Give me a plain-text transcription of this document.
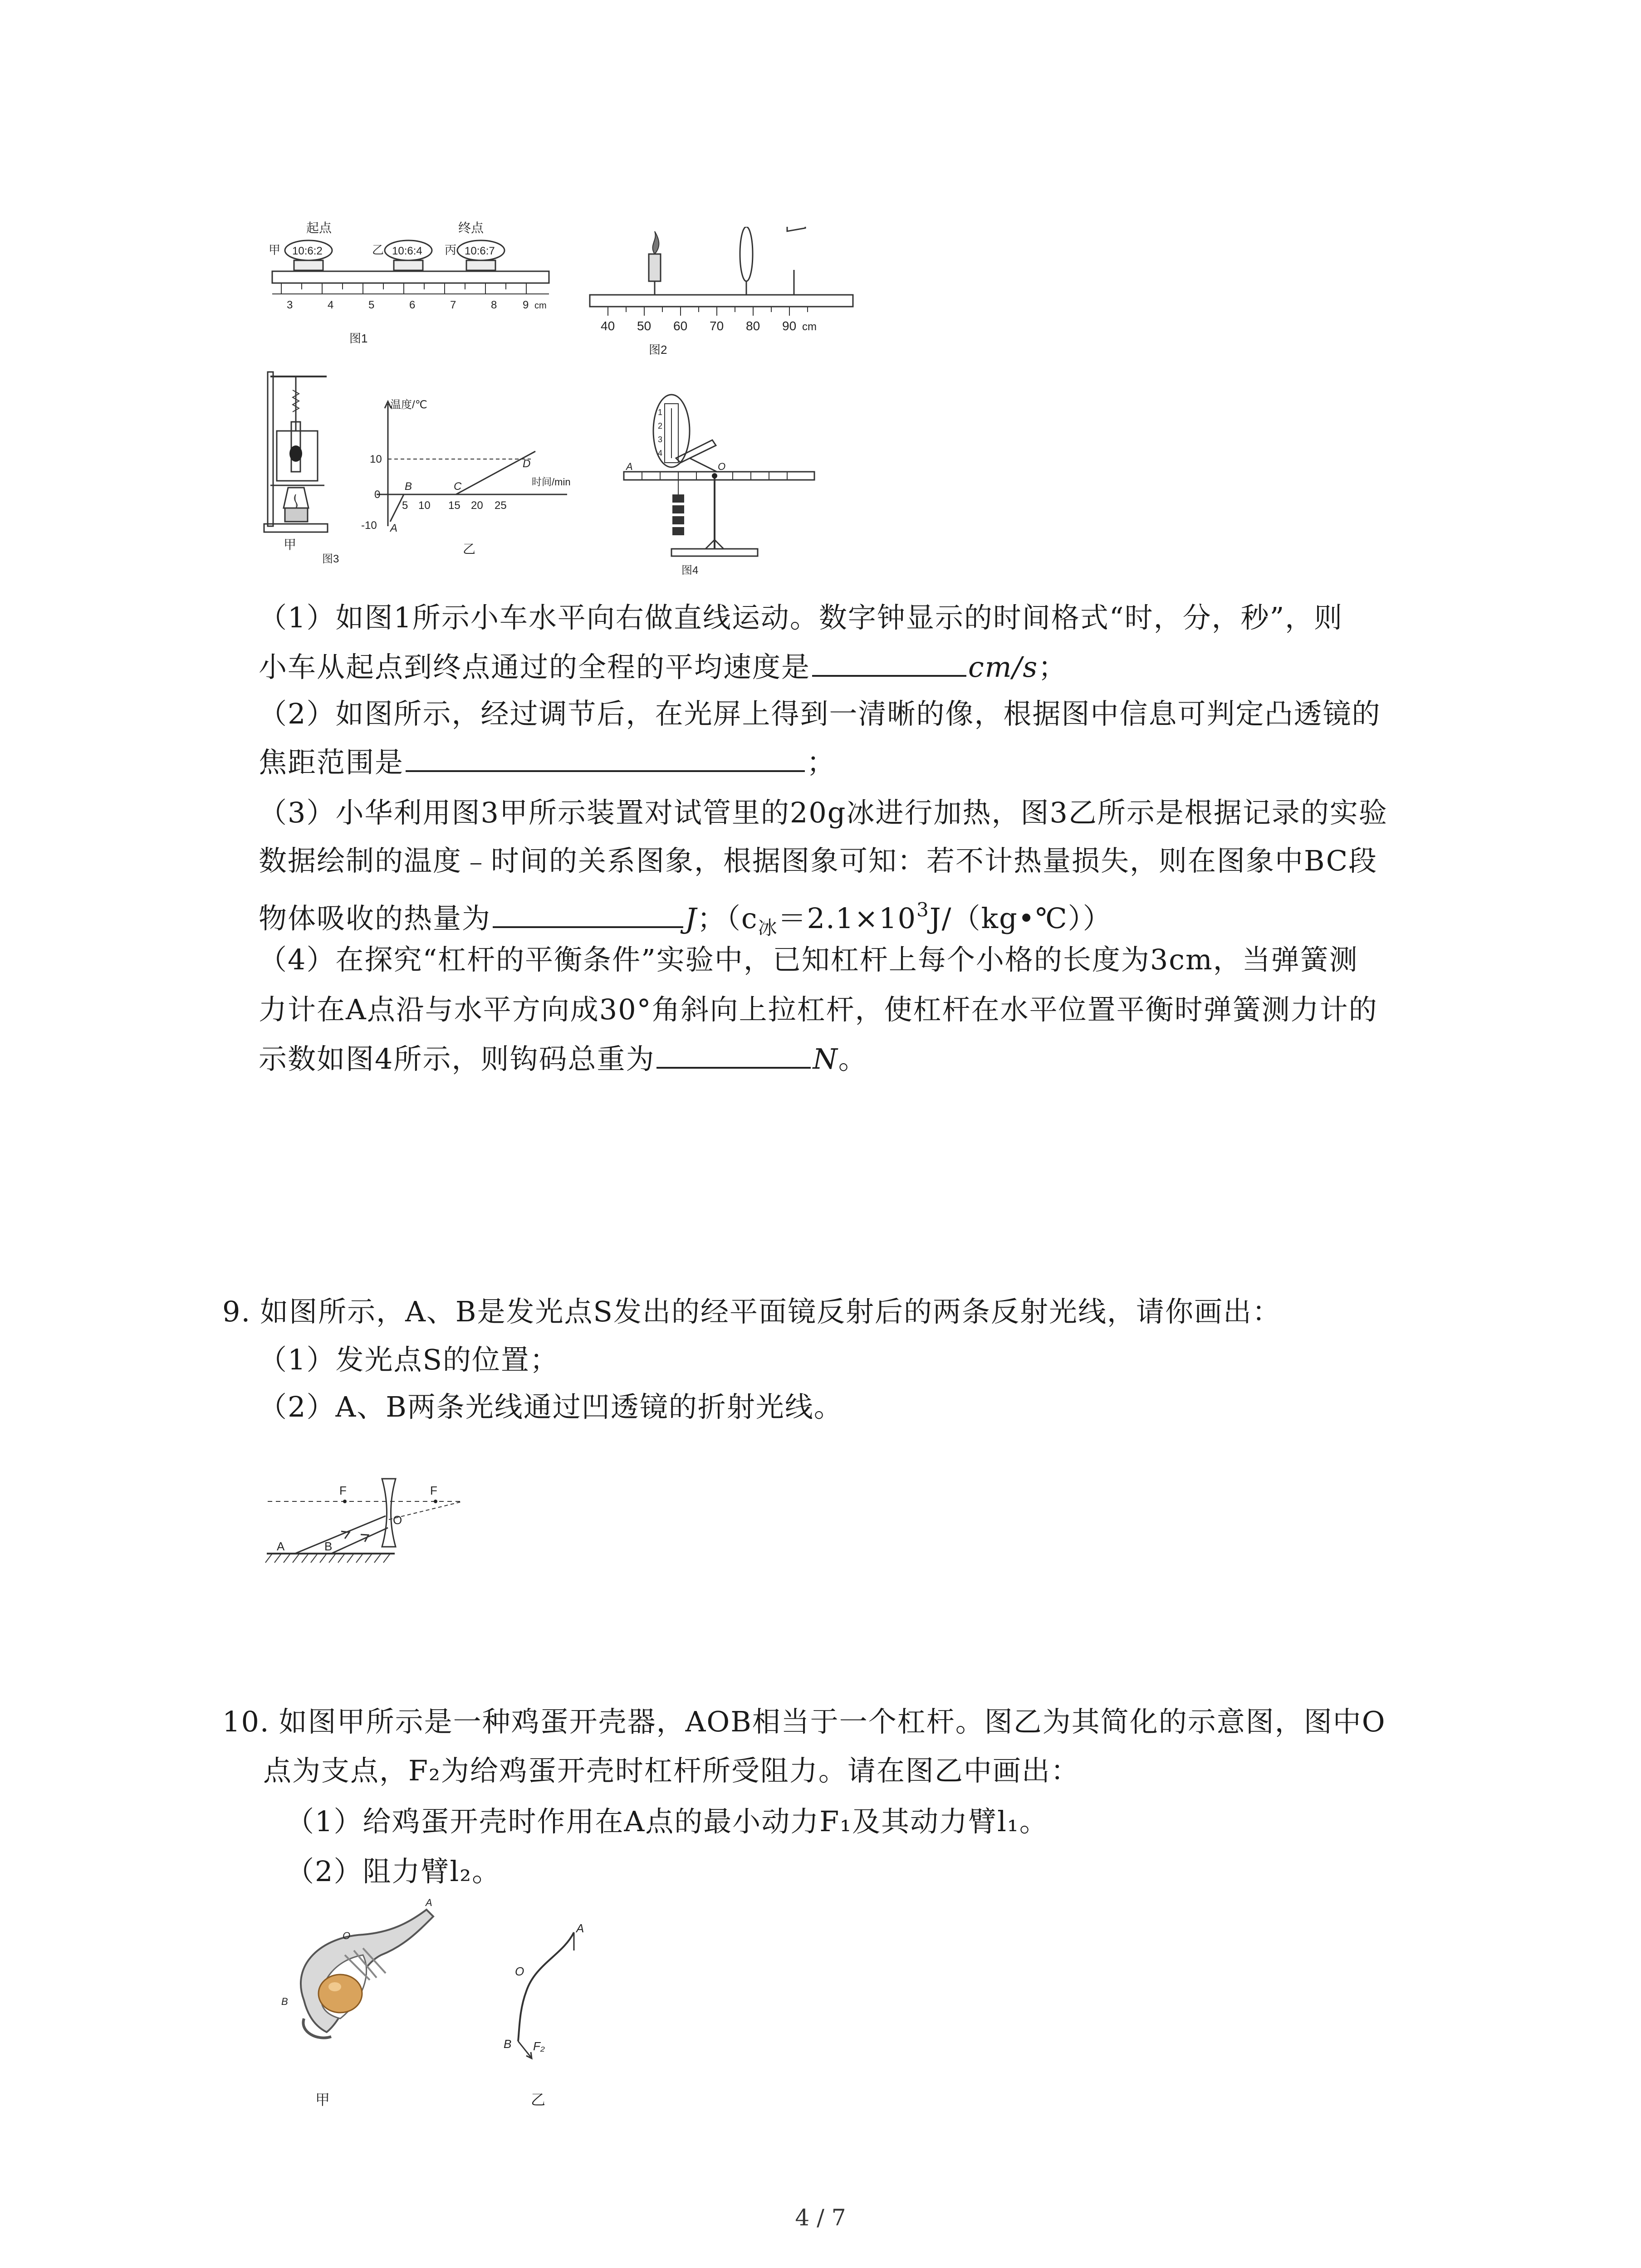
起点	终点
甲 10:6:2	乙 10:6:4 丙 10:6:7
3	4	5	6	7	8 9 cm
图1
40 50 60 70 80 90 cm
图2
甲
图3
温度/℃
时间/min
10
0
-10
5 10 15 20 25
A
B	C
D
乙
1
2
3
4
A	O
图4
（1）如图1所示小车水平向右做直线运动。数字钟显示的时间格式“时，分，秒”，则
小车从起点到终点通过的全程的平均速度是	cm/s；
（2）如图所示，经过调节后，在光屏上得到一清晰的像，根据图中信息可判定凸透镜的
焦距范围是	；
（3）小华利用图3甲所示装置对试管里的20g冰进行加热，图3乙所示是根据记录的实验
数据绘制的温度﹣时间的关系图象，根据图象可知：若不计热量损失，则在图象中BC段
物体吸收的热量为	J；$(c_冰=2.1\times 10^3J/(kg•℃))$
（4）在探究“杠杆的平衡条件”实验中，已知杠杆上每个小格的长度为3cm，当弹簧测
力计在A点沿与水平方向成30°角斜向上拉杠杆，使杠杆在水平位置平衡时弹簧测力计的
示数如图4所示，则钩码总重为	N。
9. 如图所示，A、B是发光点S发出的经平面镜反射后的两条反射光线，请你画出：
（1）发光点S的位置；
（2）A、B两条光线通过凹透镜的折射光线。
F	F
A	B
O
10. 如图甲所示是一种鸡蛋开壳器，AOB相当于一个杠杆。图乙为其简化的示意图，图中O
点为支点，F₂为给鸡蛋开壳时杠杆所受阻力。请在图乙中画出：
（1）给鸡蛋开壳时作用在A点的最小动力F₁及其动力臂l₁。
（2）阻力臂l₂。
A
O
B
甲
A
O
B F₂
乙
4 / 7
